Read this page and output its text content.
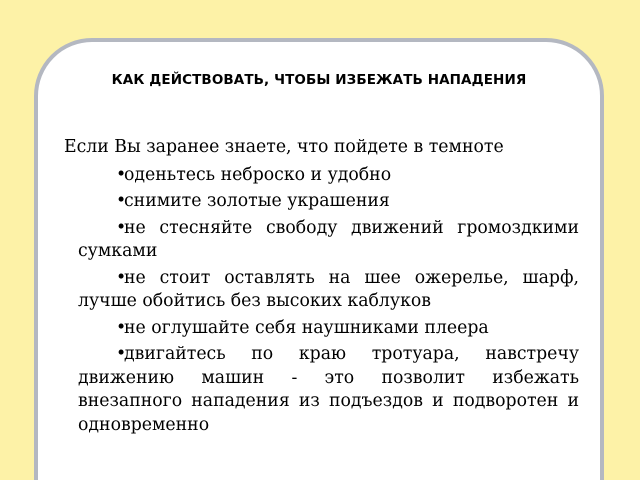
КАК ДЕЙСТВОВАТЬ, ЧТОБЫ ИЗБЕЖАТЬ НАПАДЕНИЯ
Если Вы заранее знаете, что пойдете в темноте
•оденьтесь неброско и удобно
•снимите золотые украшения
•не стесняйте свободу движений громоздкими сумками
•не стоит оставлять на шее ожерелье, шарф, лучше обойтись без высоких каблуков
•не оглушайте себя наушниками плеера
•двигайтесь по краю тротуара, навстречу движению машин - это позволит избежать внезапного нападения из подъездов и подворотен и одновременно
